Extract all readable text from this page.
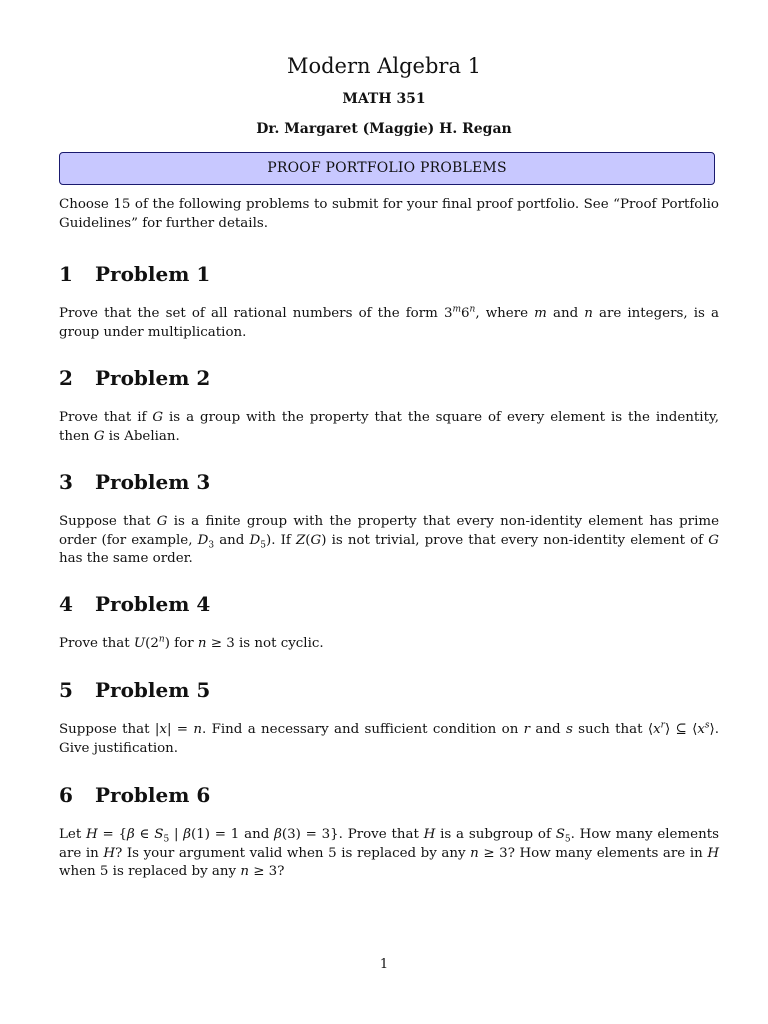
Modern Algebra 1
MATH 351
Dr. Margaret (Maggie) H. Regan
PROOF PORTFOLIO PROBLEMS
Choose 15 of the following problems to submit for your final proof portfolio. See “Proof Portfolio Guidelines” for further details.
1 Problem 1

Prove that the set of all rational numbers of the form 3$^m$6$^n$, where m and n are integers, is a group under multiplication.

2 Problem 2

Prove that if G is a group with the property that the square of every element is the indentity, then G is Abelian.

3 Problem 3

Suppose that G is a finite group with the property that every non-identity element has prime order (for example, $D_3$ and $D_5$). If Z(G) is not trivial, prove that every non-identity element of G has the same order.

4 Problem 4

Prove that U(2$^n$) for n ≥ 3 is not cyclic.

5 Problem 5

Suppose that |x| = n. Find a necessary and sufficient condition on r and s such that $⟨x^r⟩$ ⊆ $⟨x^s⟩$. Give justification.

6 Problem 6

Let H = {β ∈ $S_5$ | β(1) = 1 and β(3) = 3}. Prove that H is a subgroup of $S_5$. How many elements are in H? Is your argument valid when 5 is replaced by any n ≥ 3? How many elements are in H when 5 is replaced by any n ≥ 3?

1
